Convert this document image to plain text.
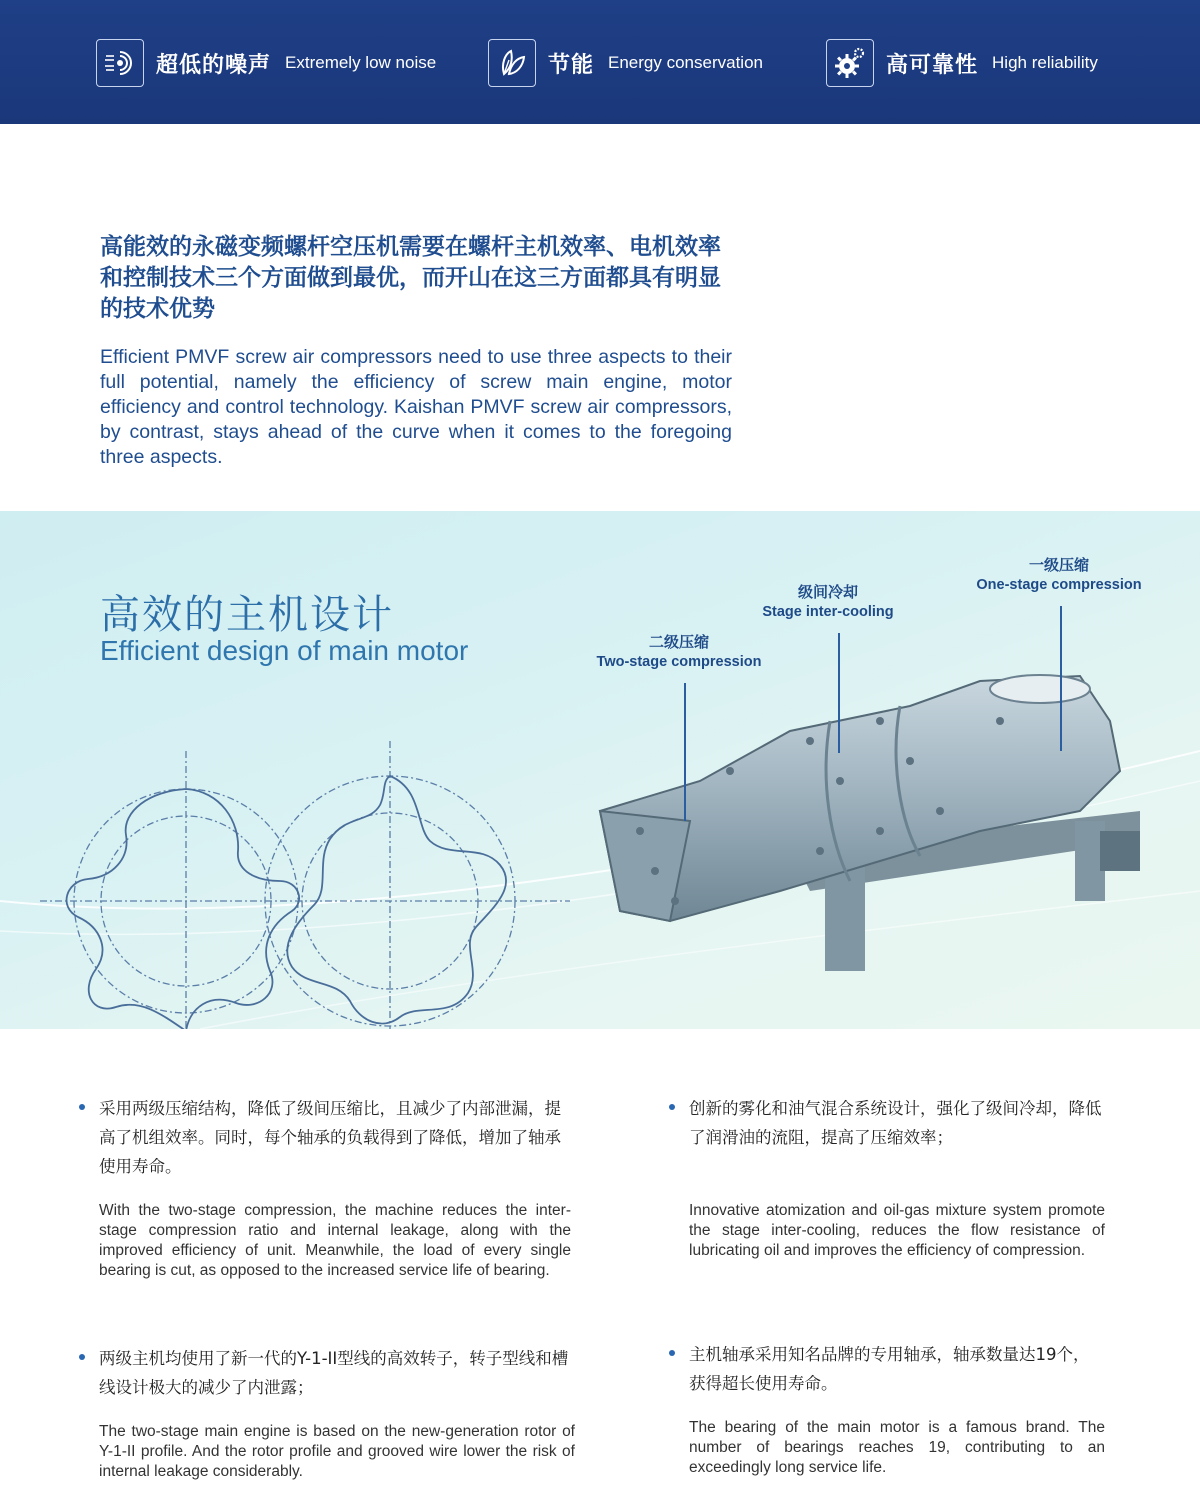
超低的噪声 Extremely low noise	节能 Energy conservation	高可靠性 High reliability
高能效的永磁变频螺杆空压机需要在螺杆主机效率、电机效率和控制技术三个方面做到最优，而开山在这三方面都具有明显的技术优势
Efficient PMVF screw air compressors need to use three aspects to their full potential, namely the efficiency of screw main engine, motor efficiency and control technology. Kaishan PMVF screw air compressors, by contrast, stays ahead of the curve when it comes to the foregoing three aspects.
高效的主机设计
Efficient design of main motor	二级压缩
Two-stage compression
级间冷却
Stage inter-cooling
一级压缩
One-stage compression
采用两级压缩结构，降低了级间压缩比，且减少了内部泄漏，提高了机组效率。同时，每个轴承的负载得到了降低，增加了轴承使用寿命。
With the two-stage compression, the machine reduces the inter-stage compression ratio and internal leakage, along with the improved efficiency of unit. Meanwhile, the load of every single bearing is cut, as opposed to the increased service life of bearing.
创新的雾化和油气混合系统设计，强化了级间冷却，降低了润滑油的流阻，提高了压缩效率；
Innovative atomization and oil-gas mixture system promote the stage inter-cooling, reduces the flow resistance of lubricating oil and improves the efficiency of compression.
两级主机均使用了新一代的Y-1-II型线的高效转子，转子型线和槽线设计极大的减少了内泄露；
The two-stage main engine is based on the new-generation rotor of Y-1-II profile. And the rotor profile and grooved wire lower the risk of internal leakage considerably.
主机轴承采用知名品牌的专用轴承，轴承数量达19个，获得超长使用寿命。
The bearing of the main motor is a famous brand. The number of bearings reaches 19, contributing to an exceedingly long service life.
